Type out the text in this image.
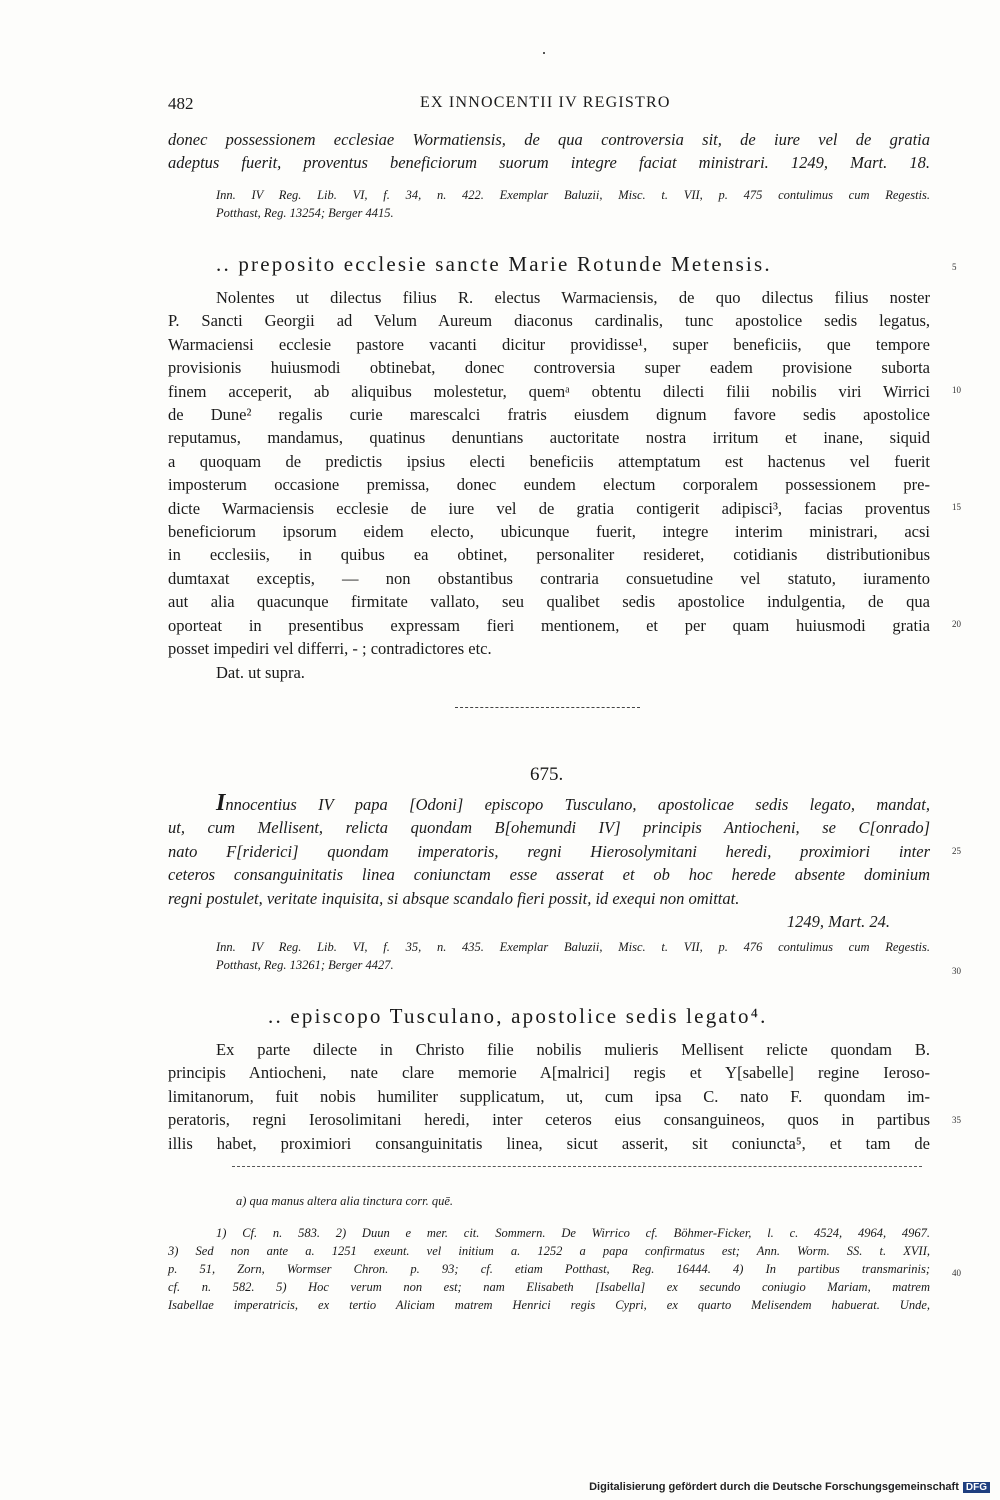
482	EX INNOCENTII IV REGISTRO
donec possessionem ecclesiae Wormatiensis, de qua controversia sit, de iure vel de gratia
adeptus fuerit, proventus beneficiorum suorum integre faciat ministrari. 1249, Mart. 18.
Inn. IV Reg. Lib. VI, f. 34, n. 422. Exemplar Baluzii, Misc. t. VII, p. 475 contulimus cum Regestis.
Potthast, Reg. 13254; Berger 4415.
.. preposito ecclesie sancte Marie Rotunde Metensis.	5
Nolentes ut dilectus filius R. electus Warmaciensis, de quo dilectus filius noster
P. Sancti Georgii ad Velum Aureum diaconus cardinalis, tunc apostolice sedis legatus,
Warmaciensi ecclesie pastore vacanti dicitur providisse¹, super beneficiis, que tempore
provisionis huiusmodi obtinebat, donec controversia super eadem provisione suborta
finem acceperit, ab aliquibus molestetur, quemᵃ obtentu dilecti filii nobilis viri Wirrici
de Dune² regalis curie marescalci fratris eiusdem dignum favore sedis apostolice
reputamus, mandamus, quatinus denuntians auctoritate nostra irritum et inane, siquid
a quoquam de predictis ipsius electi beneficiis attemptatum est hactenus vel fuerit
imposterum occasione premissa, donec eundem electum corporalem possessionem pre-
dicte Warmaciensis ecclesie de iure vel de gratia contigerit adipisci³, facias proventus
beneficiorum ipsorum eidem electo, ubicunque fuerit, integre interim ministrari, acsi
in ecclesiis, in quibus ea obtinet, personaliter resideret, cotidianis distributionibus
dumtaxat exceptis, — non obstantibus contraria consuetudine vel statuto, iuramento
aut alia quacunque firmitate vallato, seu qualibet sedis apostolice indulgentia, de qua
oporteat in presentibus expressam fieri mentionem, et per quam huiusmodi gratia
posset impediri vel differri, - ; contradictores etc.
Dat. ut supra.
10
15
20
675.
Innocentius IV papa [Odoni] episcopo Tusculano, apostolicae sedis legato, mandat,
ut, cum Mellisent, relicta quondam B[ohemundi IV] principis Antiocheni, se C[onrado]
nato F[riderici] quondam imperatoris, regni Hierosolymitani heredi, proximiori inter
ceteros consanguinitatis linea coniunctam esse asserat et ob hoc herede absente dominium
regni postulet, veritate inquisita, si absque scandalo fieri possit, id exequi non omittat.
1249, Mart. 24.
25
Inn. IV Reg. Lib. VI, f. 35, n. 435. Exemplar Baluzii, Misc. t. VII, p. 476 contulimus cum Regestis.
Potthast, Reg. 13261; Berger 4427.	30
.. episcopo Tusculano, apostolice sedis legato⁴.
Ex parte dilecte in Christo filie nobilis mulieris Mellisent relicte quondam B.
principis Antiocheni, nate clare memorie A[malrici] regis et Y[sabelle] regine Ieroso-
limitanorum, fuit nobis humiliter supplicatum, ut, cum ipsa C. nato F. quondam im-
peratoris, regni Ierosolimitani heredi, inter ceteros eius consanguineos, quos in partibus
illis habet, proximiori consanguinitatis linea, sicut asserit, sit coniuncta⁵, et tam de
35
a) qua manus altera alia tinctura corr. quē.
1) Cf. n. 583. 2) Duun e mer. cit. Sommern. De Wirrico cf. Böhmer-Ficker, l. c. 4524, 4964, 4967.
3) Sed non ante a. 1251 exeunt. vel initium a. 1252 a papa confirmatus est; Ann. Worm. SS. t. XVII,
p. 51, Zorn, Wormser Chron. p. 93; cf. etiam Potthast, Reg. 16444. 4) In partibus transmarinis;
cf. n. 582. 5) Hoc verum non est; nam Elisabeth [Isabella] ex secundo coniugio Mariam, matrem
Isabellae imperatricis, ex tertio Aliciam matrem Henrici regis Cypri, ex quarto Melisendem habuerat. Unde,
40
Digitalisierung gefördert durch die Deutsche Forschungsgemeinschaft DFG
